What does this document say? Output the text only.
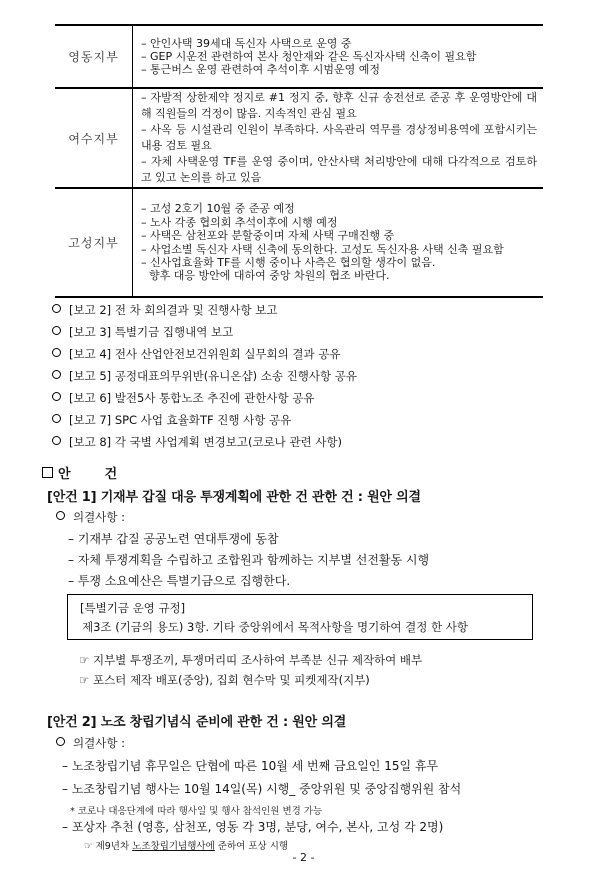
영동지부	– 안인사택 39세대 독신자 사택으로 운영 중
– GEP 시운전 관련하여 본사 청안재와 같은 독신자사택 신축이 필요함
– 통근버스 운영 관련하여 추석이후 시범운영 예정

여수지부	– 자발적 상한제약 정지로 #1 정지 중, 향후 신규 송전선로 준공 후 운영방안에 대해 직원들의 걱정이 많음. 지속적인 관심 필요
– 사옥 등 시설관리 인원이 부족하다. 사옥관리 역무를 경상정비용역에 포함시키는 내용 검토 필요
– 자체 사택운영 TF를 운영 중이며, 안산사택 처리방안에 대해 다각적으로 검토하고 있고 논의를 하고 있음

고성지부	
– 고성 2호기 10월 중 준공 예정
– 노사 각종 협의회 추석이후에 시행 예정
– 사택은 삼천포와 분할중이며 자체 사택 구매진행 중
– 사업소별 독신자 사택 신축에 동의한다. 고성도 독신자용 사택 신축 필요함
– 신사업효율화 TF를 시행 중이나 사측은 협의할 생각이 없음.
향후 대응 방안에 대하여 중앙 차원의 협조 바란다.
[보고 2] 전 차 회의결과 및 진행사항 보고
[보고 3] 특별기금 집행내역 보고
[보고 4] 전사 산업안전보건위원회 실무회의 결과 공유
[보고 5] 공정대표의무위반(유니온샵) 소송 진행사항 공유
[보고 6] 발전5사 통합노조 추진에 관한사항 공유
[보고 7] SPC 사업 효율화TF 진행 사항 공유
[보고 8] 각 국별 사업계획 변경보고(코로나 관련 사항)
안	건
[안건 1] 기재부 갑질 대응 투쟁계획에 관한 건 관한 건 : 원안 의결
의결사항 :
– 기재부 갑질 공공노련 연대투쟁에 동참
– 자체 투쟁계획을 수립하고 조합원과 함께하는 지부별 선전활동 시행
– 투쟁 소요예산은 특별기금으로 집행한다.
[특별기금 운영 규정]
제3조 (기금의 용도) 3항. 기타 중앙위에서 목적사항을 명기하여 결정 한 사항
☞ 지부별 투쟁조끼, 투쟁머리띠 조사하여 부족분 신규 제작하여 배부
☞ 포스터 제작 배포(중앙), 집회 현수막 및 피켓제작(지부)
[안건 2] 노조 창립기념식 준비에 관한 건 : 원안 의결
의결사항 :
– 노조창립기념 휴무일은 단협에 따른 10월 세 번째 금요일인 15일 휴무
– 노조창립기념 행사는 10월 14일(목) 시행_ 중앙위원 및 중앙집행위원 참석
* 코로나 대응단계에 따라 행사일 및 행사 참석인원 변경 가능
– 포상자 추천 (영흥, 삼천포, 영동 각 3명, 분당, 여수, 본사, 고성 각 2명)
☞ 제9년차 노조창립기념행사에 준하여 포상 시행
- 2 -
